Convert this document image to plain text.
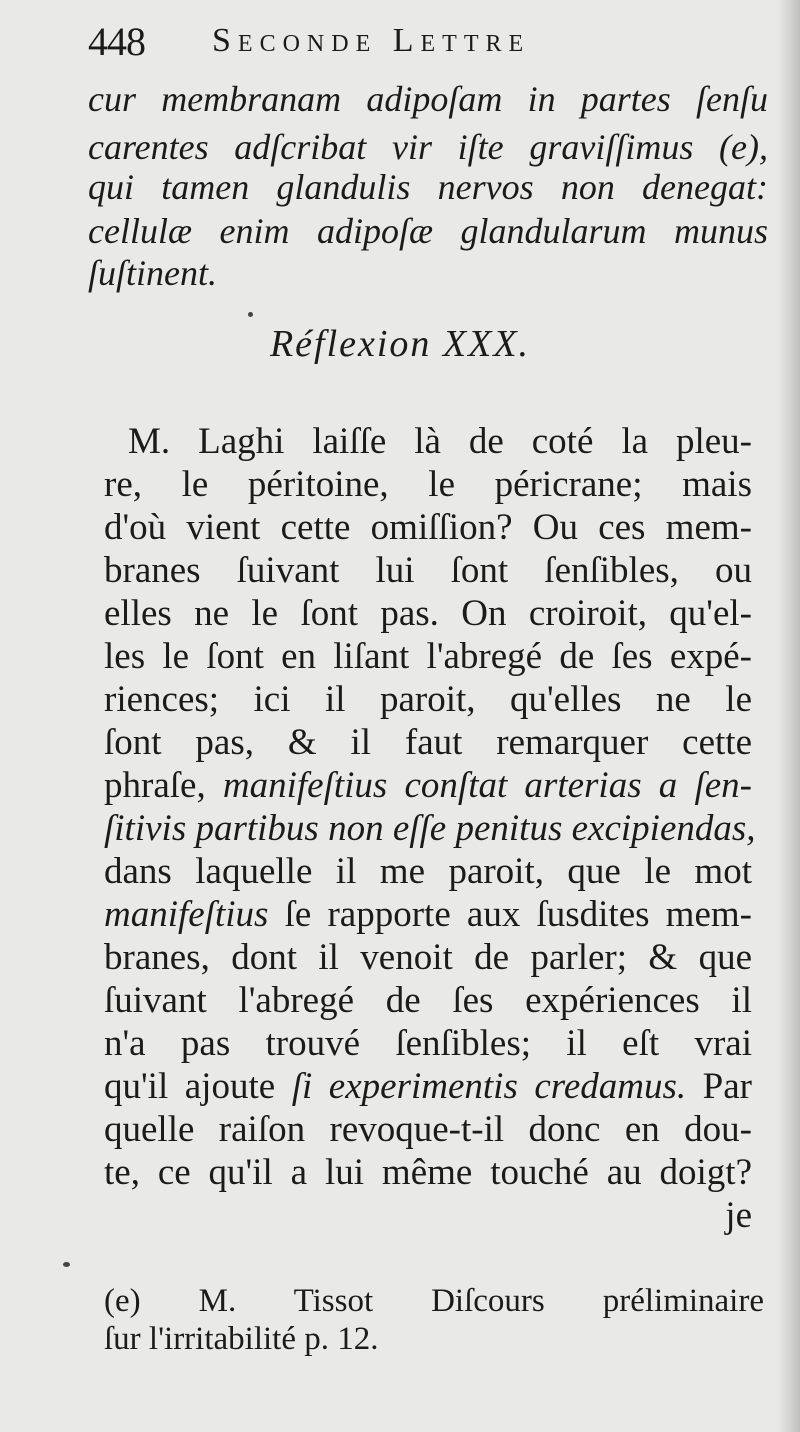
448 Seconde Lettre
cur membranam adipoſam in partes ſenſu
carentes adſcribat vir iſte graviſſimus (e),
qui tamen glandulis nervos non denegat:
cellulæ enim adipoſæ glandularum munus
ſuſtinent.
Réflexion XXX.
M. Laghi laiſſe là de coté la pleu-
re, le péritoine, le péricrane; mais
d'où vient cette omiſſion? Ou ces mem-
branes ſuivant lui ſont ſenſibles, ou
elles ne le ſont pas. On croiroit, qu'el-
les le ſont en liſant l'abregé de ſes expé-
riences; ici il paroit, qu'elles ne le
ſont pas, & il faut remarquer cette
phraſe, manifeſtius conſtat arterias a ſen-
ſitivis partibus non eſſe penitus excipiendas,
dans laquelle il me paroit, que le mot
manifeſtius ſe rapporte aux ſusdites mem-
branes, dont il venoit de parler; & que
ſuivant l'abregé de ſes expériences il
n'a pas trouvé ſenſibles; il eſt vrai
qu'il ajoute ſi experimentis credamus. Par
quelle raiſon revoque-t-il donc en dou-
te, ce qu'il a lui même touché au doigt?
je
(e) M. Tissot Diſcours préliminaire
ſur l'irritabilité p. 12.
